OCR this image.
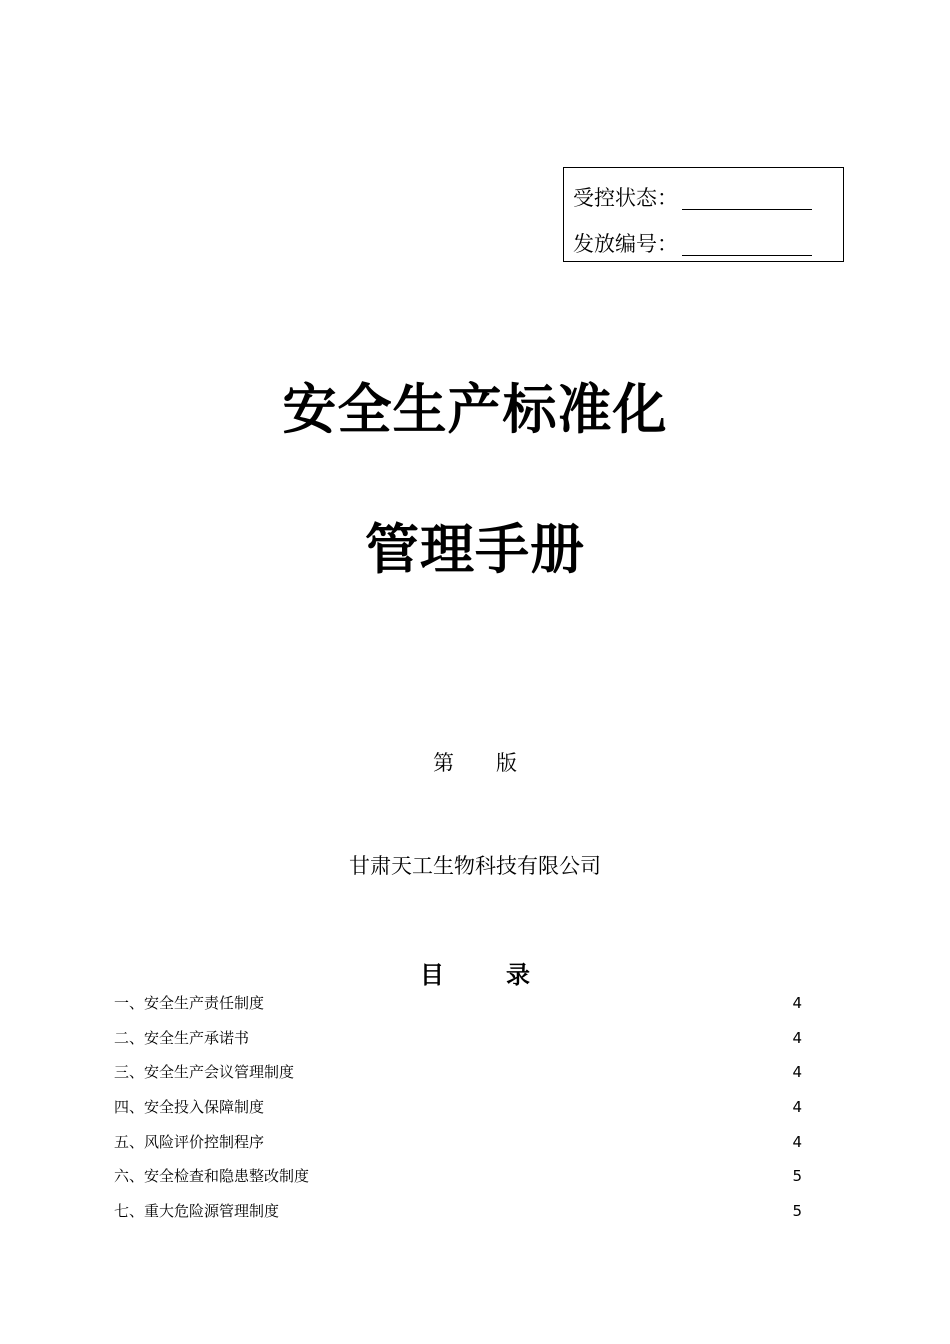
受控状态：
发放编号：
安全生产标准化
管理手册
第 版
甘肃天工生物科技有限公司
目	录
一、安全生产责任制度	4
二、安全生产承诺书	4
三、安全生产会议管理制度	4
四、安全投入保障制度	4
五、风险评价控制程序	4
六、安全检查和隐患整改制度	5
七、重大危险源管理制度	5
